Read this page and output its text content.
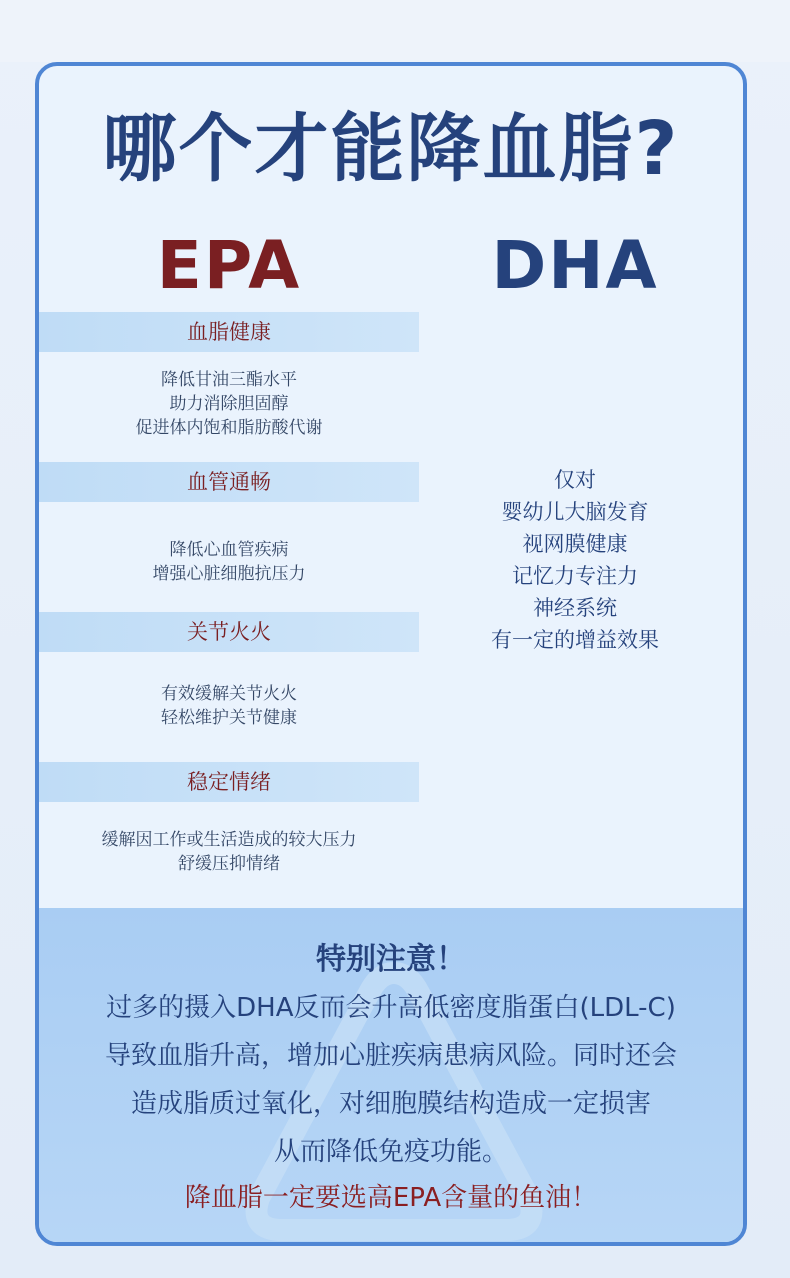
哪个才能降血脂?
EPA	DHA
血脂健康
降低甘油三酯水平
助力消除胆固醇
促进体内饱和脂肪酸代谢
血管通畅
降低心血管疾病
增强心脏细胞抗压力
关节火火
有效缓解关节火火
轻松维护关节健康
稳定情绪
缓解因工作或生活造成的较大压力
舒缓压抑情绪
仅对
婴幼儿大脑发育
视网膜健康
记忆力专注力
神经系统
有一定的增益效果
特别注意！
过多的摄入DHA反而会升高低密度脂蛋白(LDL-C)
导致血脂升高，增加心脏疾病患病风险。同时还会
造成脂质过氧化，对细胞膜结构造成一定损害
从而降低免疫功能。
降血脂一定要选高EPA含量的鱼油！
